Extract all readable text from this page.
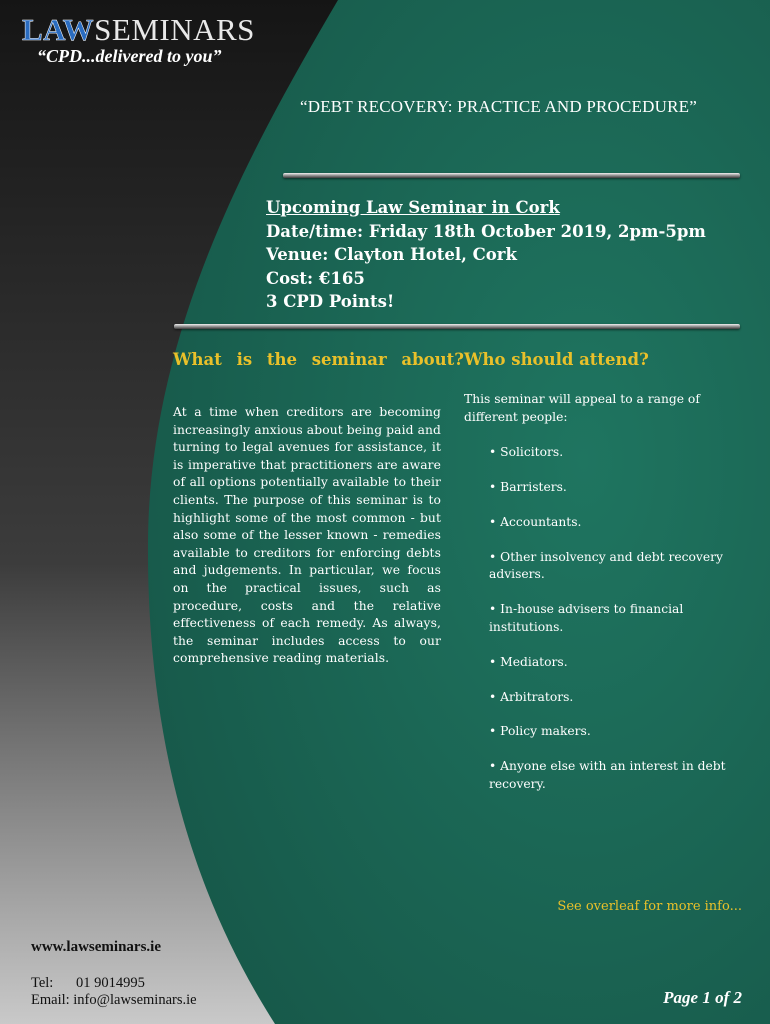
LAWSEMINARS
“CPD...delivered to you”
“DEBT RECOVERY: PRACTICE AND PROCEDURE”
Upcoming Law Seminar in Cork
Date/time: Friday 18th October 2019, 2pm-5pm
Venue: Clayton Hotel, Cork
Cost: €165
3 CPD Points!
What is the seminar about?
At a time when creditors are becoming increasingly anxious about being paid and turning to legal avenues for assistance, it is imperative that practitioners are aware of all options potentially available to their clients. The purpose of this seminar is to highlight some of the most common - but also some of the lesser known - remedies available to creditors for enforcing debts and judgements. In particular, we focus on the practical issues, such as procedure, costs and the relative effectiveness of each remedy. As always, the seminar includes access to our comprehensive reading materials.
Who should attend?
This seminar will appeal to a range of different people:
• Solicitors.
• Barristers.
• Accountants.
• Other insolvency and debt recovery advisers.
• In-house advisers to financial institutions.
• Mediators.
• Arbitrators.
• Policy makers.
• Anyone else with an interest in debt recovery.
See overleaf for more info...
www.lawseminars.ie
Tel: 01 9014995
Email: info@lawseminars.ie	Page 1 of 2
